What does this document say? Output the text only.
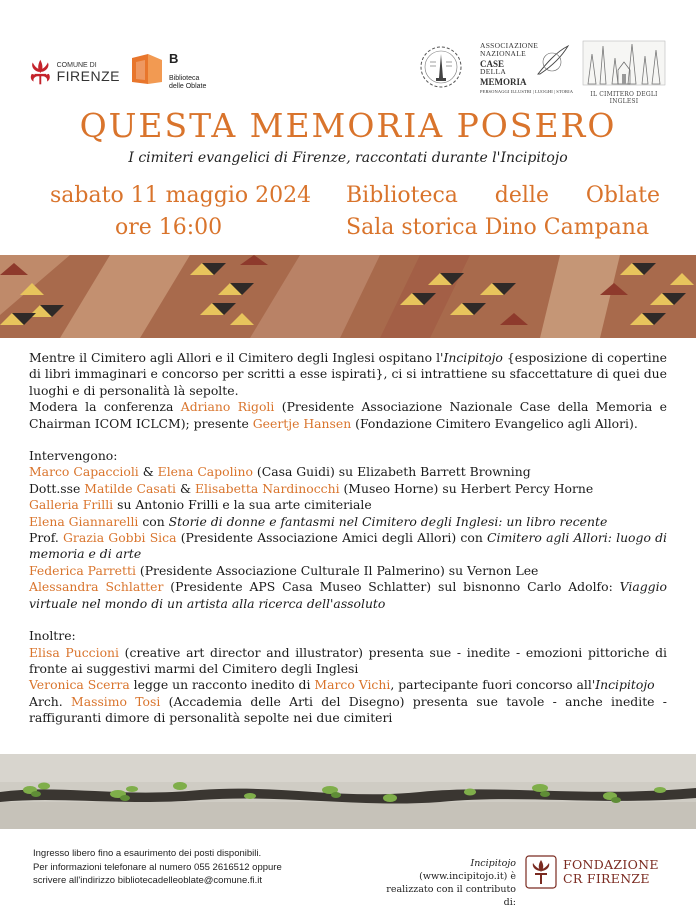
COMUNE DI
FIRENZE
B
Biblioteca
delle Oblate
ASSOCIAZIONE
NAZIONALE
CASE
DELLA
MEMORIA
PERSONAGGI ILLUSTRI | LUOGHI | STORIA	IL CIMITERO DEGLI INGLESI
QUESTA MEMORIA POSERO

I cimiteri evangelici di Firenze, raccontati durante l'Incipitojo

sabato 11 maggio 2024
ore 16:00
Biblioteca delle Oblate
Sala storica Dino Campana

Mentre il Cimitero agli Allori e il Cimitero degli Inglesi ospitano l'Incipitojo {esposizione di copertine di libri immaginari e concorso per scritti a esse ispirati}, ci si intrattiene su sfaccettature di quei due luoghi e di personalità là sepolte.

Modera la conferenza Adriano Rigoli (Presidente Associazione Nazionale Case della Memoria e Chairman ICOM ICLCM); presente Geertje Hansen (Fondazione Cimitero Evangelico agli Allori).

Intervengono:

Marco Capaccioli & Elena Capolino (Casa Guidi) su Elizabeth Barrett Browning

Dott.sse Matilde Casati & Elisabetta Nardinocchi (Museo Horne) su Herbert Percy Horne

Galleria Frilli su Antonio Frilli e la sua arte cimiteriale

Elena Giannarelli con Storie di donne e fantasmi nel Cimitero degli Inglesi: un libro recente

Prof. Grazia Gobbi Sica (Presidente Associazione Amici degli Allori) con Cimitero agli Allori: luogo di memoria e di arte

Federica Parretti (Presidente Associazione Culturale Il Palmerino) su Vernon Lee

Alessandra Schlatter (Presidente APS Casa Museo Schlatter) sul bisnonno Carlo Adolfo: Viaggio virtuale nel mondo di un artista alla ricerca dell'assoluto

Inoltre:

Elisa Puccioni (creative art director and illustrator) presenta sue - inedite - emozioni pittoriche di fronte ai suggestivi marmi del Cimitero degli Inglesi

Veronica Scerra legge un racconto inedito di Marco Vichi, partecipante fuori concorso all'Incipitojo

Arch. Massimo Tosi (Accademia delle Arti del Disegno) presenta sue tavole - anche inedite - raffiguranti dimore di personalità sepolte nei due cimiteri

Ingresso libero fino a esaurimento dei posti disponibili.
Per informazioni telefonare al numero 055 2616512 oppure
scrivere all'indirizzo bibliotecadelleoblate@comune.fi.it
Incipitojo (www.incipitojo.it) è
realizzato con il contributo di:
FONDAZIONE
CR FIRENZE
